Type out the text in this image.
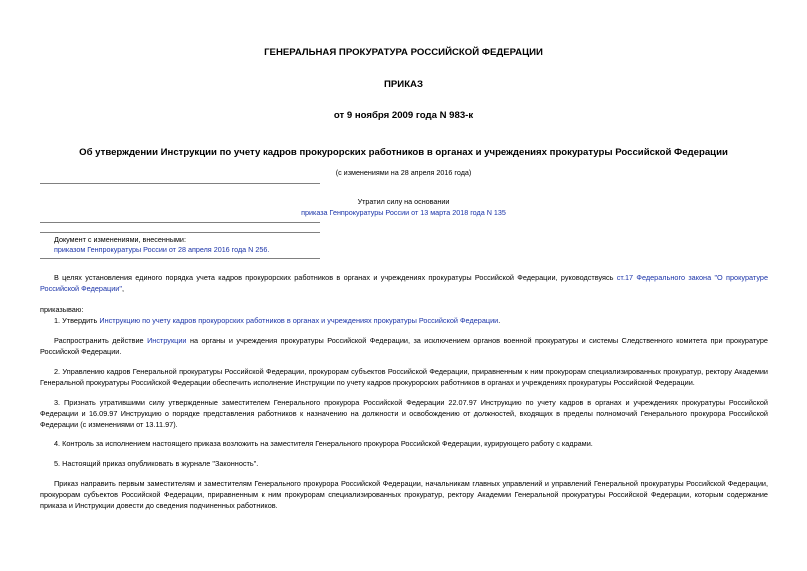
ГЕНЕРАЛЬНАЯ ПРОКУРАТУРА РОССИЙСКОЙ ФЕДЕРАЦИИ
ПРИКАЗ
от 9 ноября 2009 года N 983-к
Об утверждении Инструкции по учету кадров прокурорских работников в органах и учреждениях прокуратуры Российской Федерации
(с изменениями на 28 апреля 2016 года)
Утратил силу на основании
приказа Генпрокуратуры России от 13 марта 2018 года N 135
Документ с изменениями, внесенными:
приказом Генпрокуратуры России от 28 апреля 2016 года N 256.
В целях установления единого порядка учета кадров прокурорских работников в органах и учреждениях прокуратуры Российской Федерации, руководствуясь ст.17 Федерального закона "О прокуратуре Российской Федерации",
приказываю:
1. Утвердить Инструкцию по учету кадров прокурорских работников в органах и учреждениях прокуратуры Российской Федерации.
Распространить действие Инструкции на органы и учреждения прокуратуры Российской Федерации, за исключением органов военной прокуратуры и системы Следственного комитета при прокуратуре Российской Федерации.
2. Управлению кадров Генеральной прокуратуры Российской Федерации, прокурорам субъектов Российской Федерации, приравненным к ним прокурорам специализированных прокуратур, ректору Академии Генеральной прокуратуры Российской Федерации обеспечить исполнение Инструкции по учету кадров прокурорских работников в органах и учреждениях прокуратуры Российской Федерации.
3. Признать утратившими силу утвержденные заместителем Генерального прокурора Российской Федерации 22.07.97 Инструкцию по учету кадров в органах и учреждениях прокуратуры Российской Федерации и 16.09.97 Инструкцию о порядке представления работников к назначению на должности и освобождению от должностей, входящих в пределы полномочий Генерального прокурора Российской Федерации (с изменениями от 13.11.97).
4. Контроль за исполнением настоящего приказа возложить на заместителя Генерального прокурора Российской Федерации, курирующего работу с кадрами.
5. Настоящий приказ опубликовать в журнале "Законность".
Приказ направить первым заместителям и заместителям Генерального прокурора Российской Федерации, начальникам главных управлений и управлений Генеральной прокуратуры Российской Федерации, прокурорам субъектов Российской Федерации, приравненным к ним прокурорам специализированных прокуратур, ректору Академии Генеральной прокуратуры Российской Федерации, которым содержание приказа и Инструкции довести до сведения подчиненных работников.
